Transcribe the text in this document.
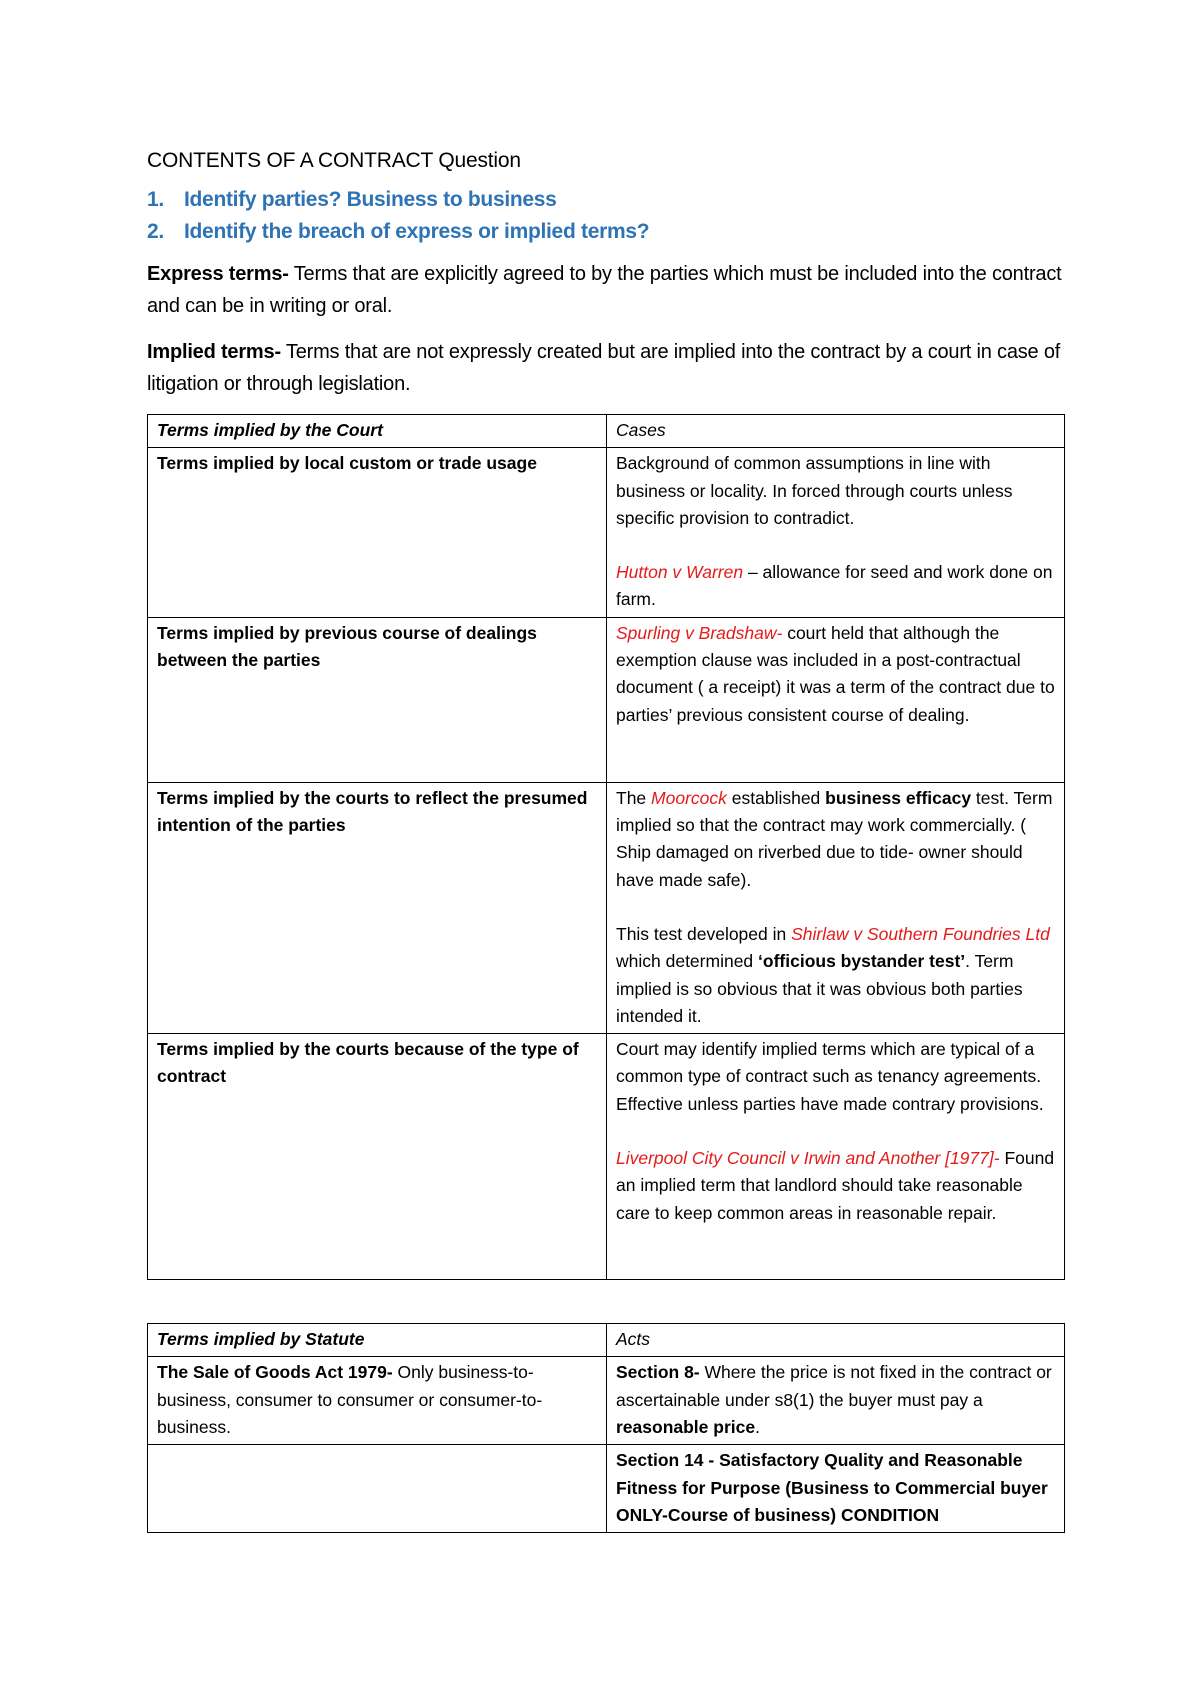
CONTENTS OF A CONTRACT Question
1. Identify parties? Business to business
2. Identify the breach of express or implied terms?

Express terms- Terms that are explicitly agreed to by the parties which must be included into the contract and can be in writing or oral.

Implied terms- Terms that are not expressly created but are implied into the contract by a court in case of litigation or through legislation.

Terms implied by the Court	Cases
Terms implied by local custom or trade usage	Background of common assumptions in line with business or locality. In forced through courts unless specific provision to contradict.
Hutton v Warren – allowance for seed and work done on farm.
Terms implied by previous course of dealings between the parties	Spurling v Bradshaw- court held that although the exemption clause was included in a post-contractual document ( a receipt) it was a term of the contract due to parties’ previous consistent course of dealing.
Terms implied by the courts to reflect the presumed intention of the parties	The Moorcock established business efficacy test. Term implied so that the contract may work commercially. ( Ship damaged on riverbed due to tide- owner should have made safe).
This test developed in Shirlaw v Southern Foundries Ltd which determined ‘officious bystander test’. Term implied is so obvious that it was obvious both parties intended it.
Terms implied by the courts because of the type of contract	Court may identify implied terms which are typical of a common type of contract such as tenancy agreements. Effective unless parties have made contrary provisions.
Liverpool City Council v Irwin and Another [1977]- Found an implied term that landlord should take reasonable care to keep common areas in reasonable repair.
Terms implied by Statute	Acts
The Sale of Goods Act 1979- Only business-to-business, consumer to consumer or consumer-to-business.	Section 8- Where the price is not fixed in the contract or ascertainable under s8(1) the buyer must pay a reasonable price.
	Section 14 - Satisfactory Quality and Reasonable Fitness for Purpose (Business to Commercial buyer ONLY-Course of business) CONDITION
